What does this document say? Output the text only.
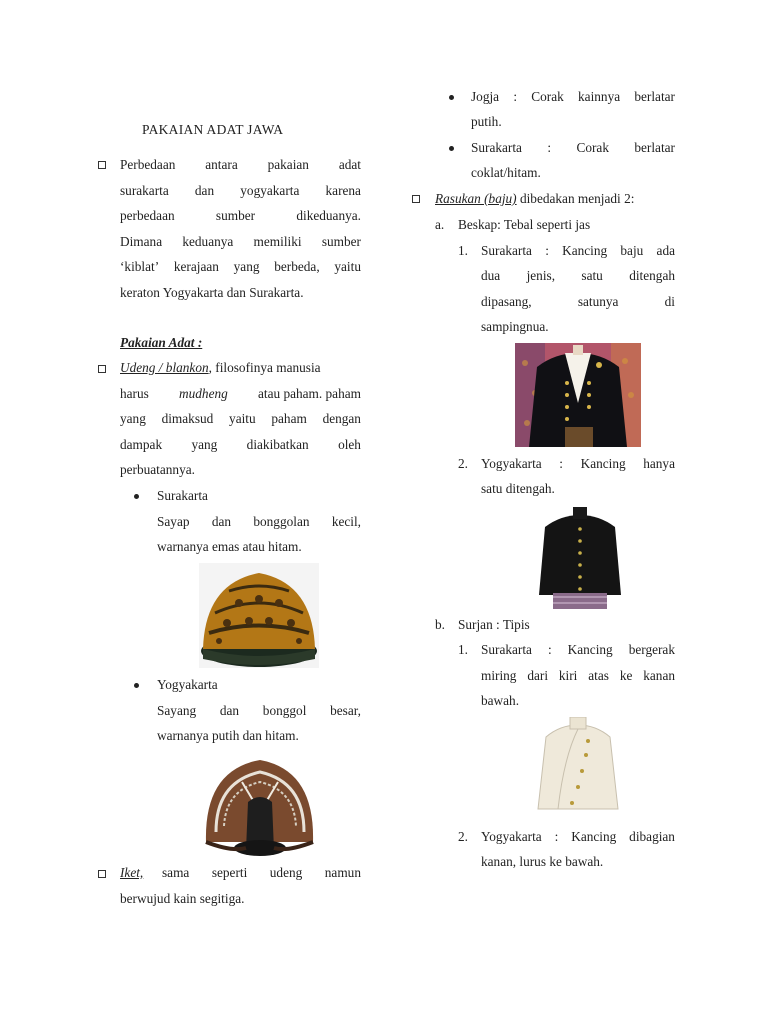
PAKAIAN ADAT JAWA
Perbedaan antara pakaian adat
surakarta dan yogyakarta karena
perbedaan	sumber	dikeduanya.
Dimana keduanya memiliki sumber
‘kiblat’ kerajaan yang berbeda, yaitu
keraton Yogyakarta dan Surakarta.
Pakaian Adat :
Udeng / blankon, filosofinya manusia
harus mudheng atau paham. paham
yang dimaksud yaitu paham dengan
dampak yang diakibatkan oleh
perbuatannya.
Surakarta
Sayap dan bonggolan kecil,
warnanya emas atau hitam.
Yogyakarta
Sayang dan bonggol besar,
warnanya putih dan hitam.
Iket, sama seperti udeng namun
berwujud kain segitiga.
Jogja : Corak kainnya berlatar
putih.
Surakarta : Corak berlatar
coklat/hitam.
Rasukan (baju) dibedakan menjadi 2:
a. Beskap: Tebal seperti jas
1. Surakarta : Kancing baju ada
dua jenis, satu ditengah
dipasang,	satunya	di
sampingnua.
2. Yogyakarta : Kancing hanya
satu ditengah.
b. Surjan : Tipis
1. Surakarta : Kancing bergerak
miring dari kiri atas ke kanan
bawah.
2. Yogyakarta : Kancing dibagian
kanan, lurus ke bawah.
